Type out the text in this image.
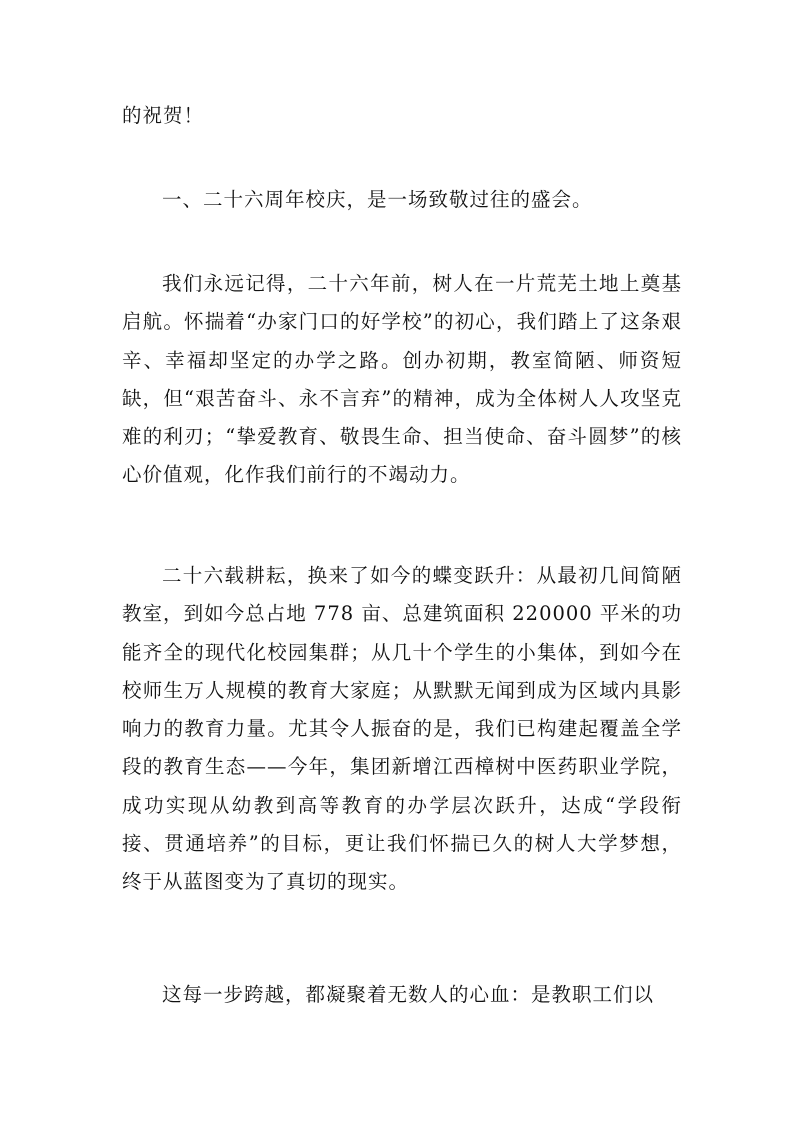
的祝贺！

一、二十六周年校庆，是一场致敬过往的盛会。

我们永远记得，二十六年前，树人在一片荒芜土地上奠基启航。怀揣着“办家门口的好学校”的初心，我们踏上了这条艰辛、幸福却坚定的办学之路。创办初期，教室简陋、师资短缺，但“艰苦奋斗、永不言弃”的精神，成为全体树人人攻坚克难的利刃；“挚爱教育、敬畏生命、担当使命、奋斗圆梦”的核心价值观，化作我们前行的不竭动力。

二十六载耕耘，换来了如今的蝶变跃升：从最初几间简陋教室，到如今总占地 778 亩、总建筑面积 220000 平米的功能齐全的现代化校园集群；从几十个学生的小集体，到如今在校师生万人规模的教育大家庭；从默默无闻到成为区域内具影响力的教育力量。尤其令人振奋的是，我们已构建起覆盖全学段的教育生态——今年，集团新增江西樟树中医药职业学院，成功实现从幼教到高等教育的办学层次跃升，达成“学段衔接、贯通培养”的目标，更让我们怀揣已久的树人大学梦想，终于从蓝图变为了真切的现实。

这每一步跨越，都凝聚着无数人的心血：是教职工们以
